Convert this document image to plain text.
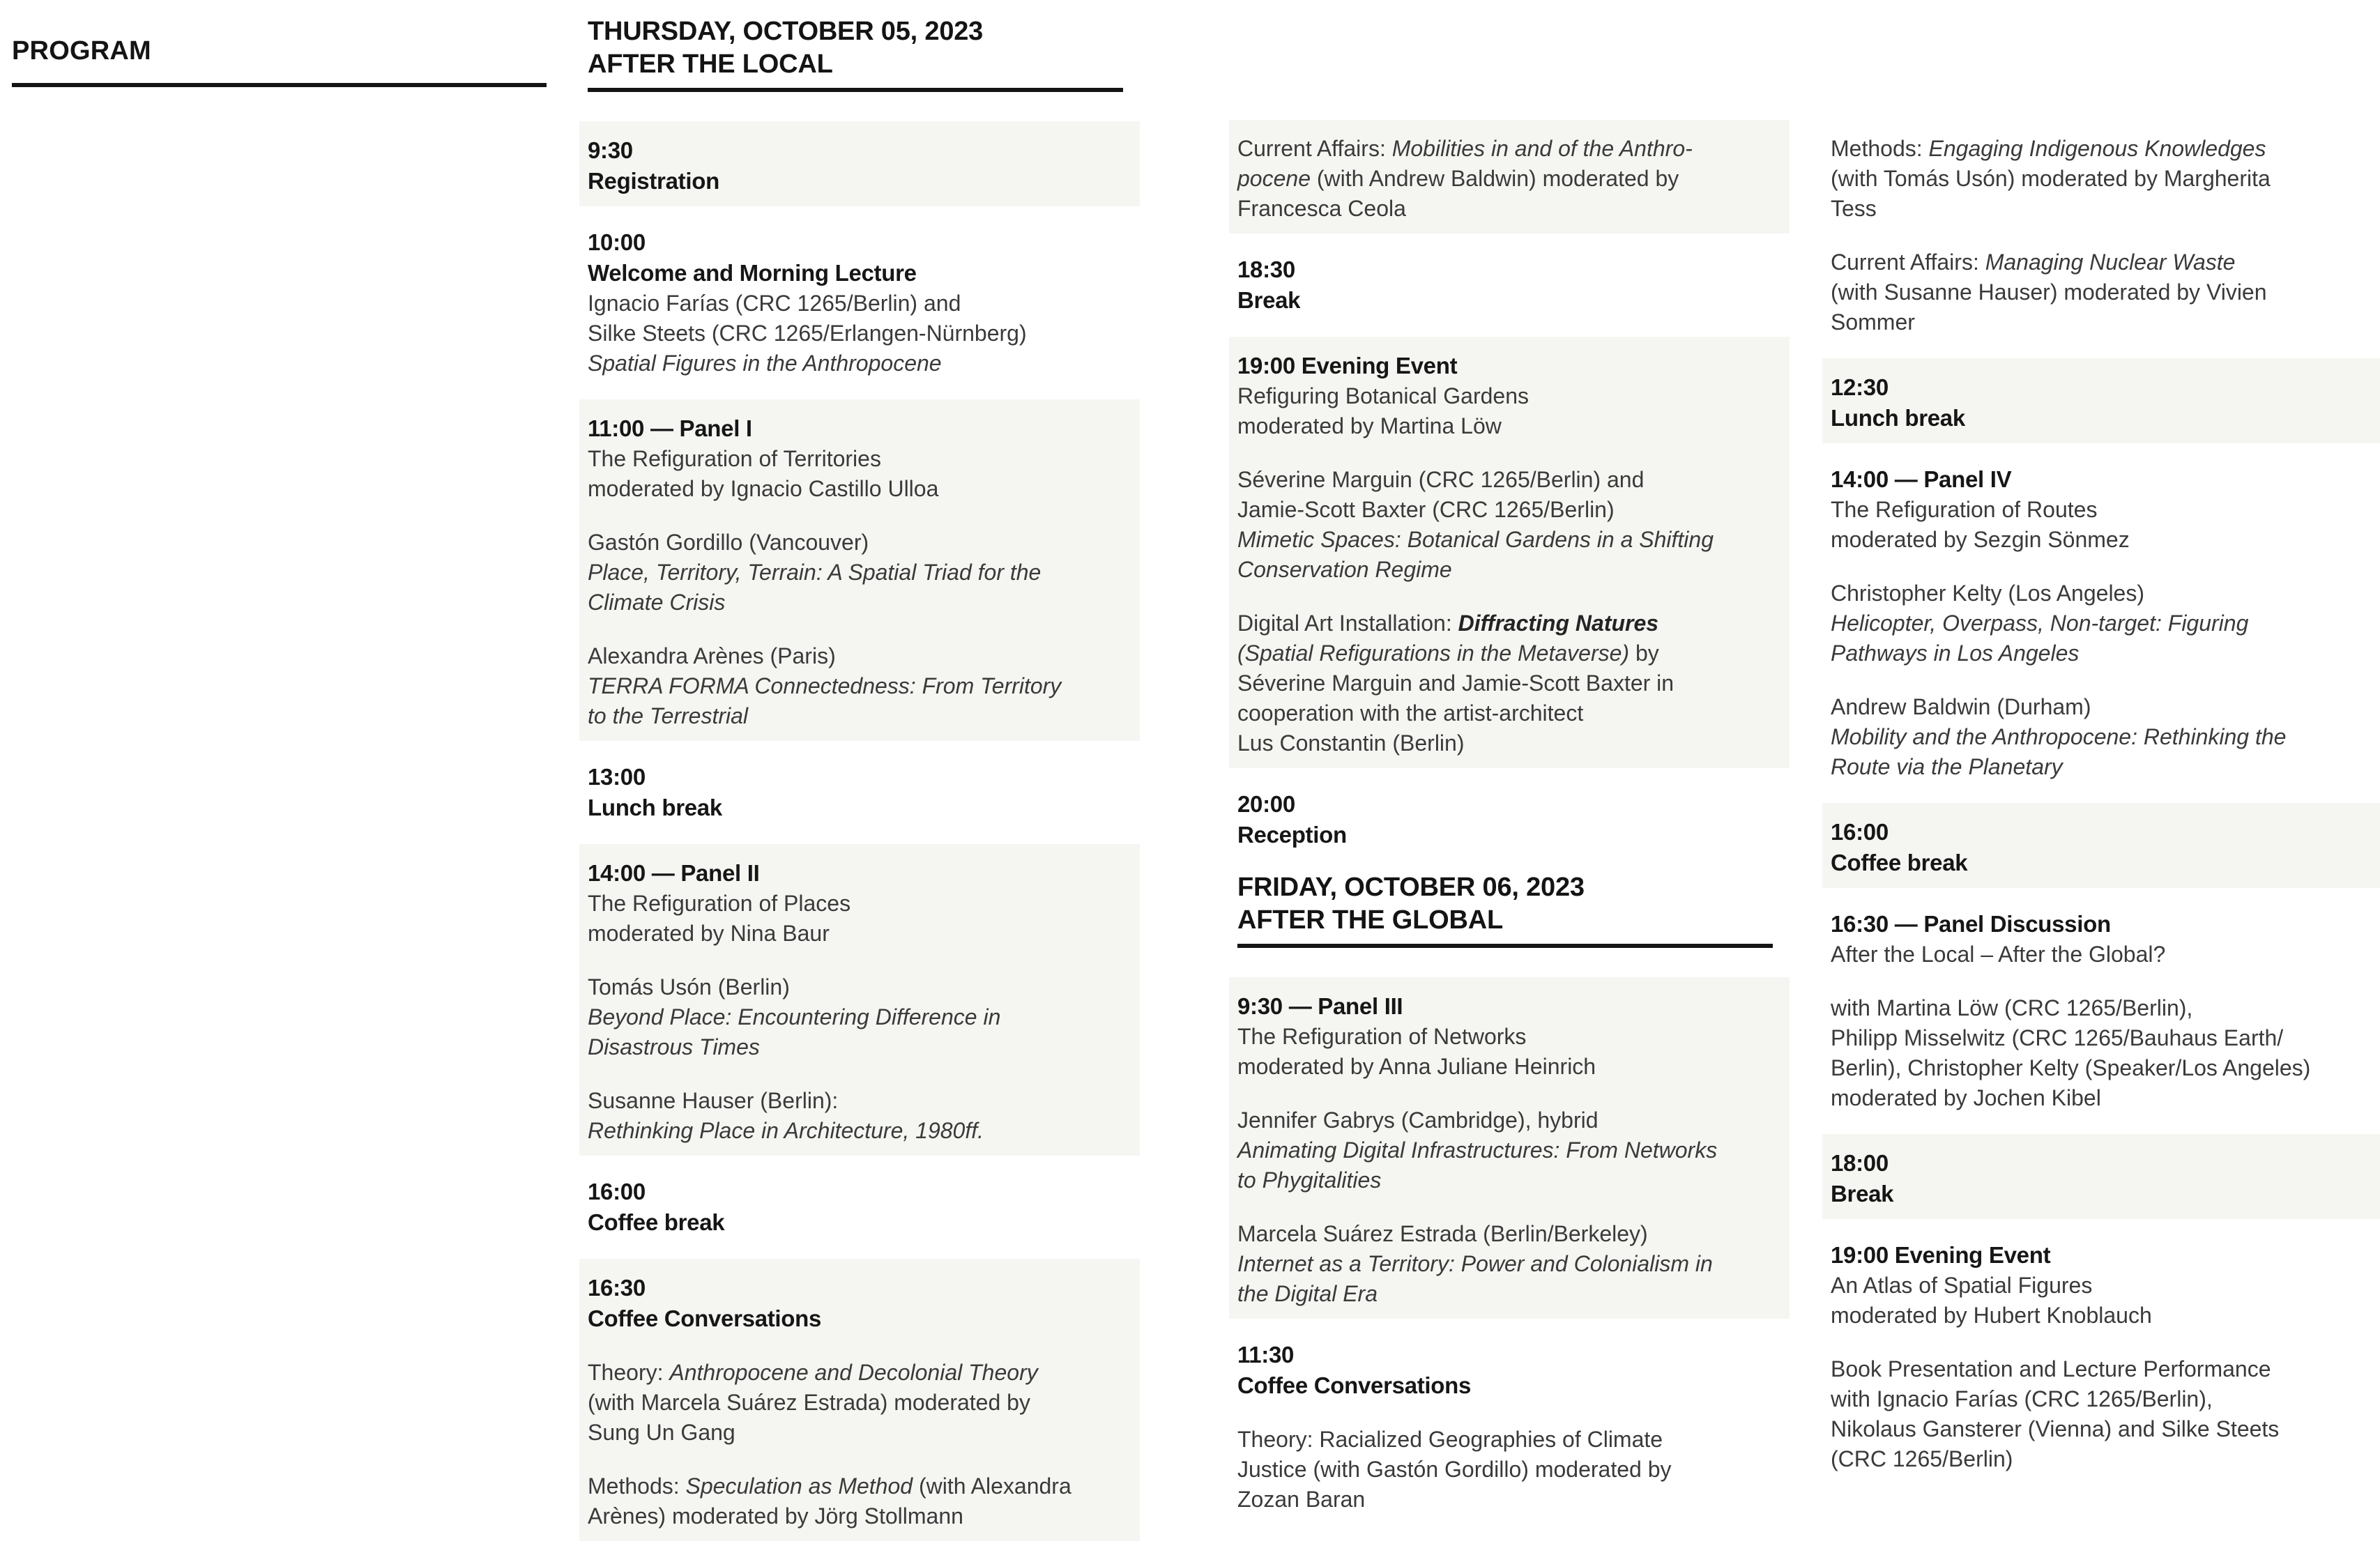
PROGRAM
THURSDAY, OCTOBER 05, 2023
AFTER THE LOCAL
9:30
Registration
10:00
Welcome and Morning Lecture
Ignacio Farías (CRC 1265/Berlin) and
Silke Steets (CRC 1265/Erlangen-Nürnberg)
Spatial Figures in the Anthropocene
11:00 — Panel I
The Refiguration of Territories
moderated by Ignacio Castillo Ulloa
Gastón Gordillo (Vancouver)
Place, Territory, Terrain: A Spatial Triad for the
Climate Crisis
Alexandra Arènes (Paris)
TERRA FORMA Connectedness: From Territory
to the Terrestrial
13:00
Lunch break
14:00 — Panel II
The Refiguration of Places
moderated by Nina Baur
Tomás Usón (Berlin)
Beyond Place: Encountering Difference in
Disastrous Times
Susanne Hauser (Berlin):
Rethinking Place in Architecture, 1980ff.
16:00
Coffee break
16:30
Coffee Conversations
Theory: Anthropocene and Decolonial Theory
(with Marcela Suárez Estrada) moderated by
Sung Un Gang
Methods: Speculation as Method (with Alexandra
Arènes) moderated by Jörg Stollmann
Current Affairs: Mobilities in and of the Anthro-
pocene (with Andrew Baldwin) moderated by
Francesca Ceola
18:30
Break
19:00 Evening Event
Refiguring Botanical Gardens
moderated by Martina Löw
Séverine Marguin (CRC 1265/Berlin) and
Jamie-Scott Baxter (CRC 1265/Berlin)
Mimetic Spaces: Botanical Gardens in a Shifting
Conservation Regime
Digital Art Installation: Diffracting Natures
(Spatial Refigurations in the Metaverse) by
Séverine Marguin and Jamie-Scott Baxter in
cooperation with the artist-architect
Lus Constantin (Berlin)
20:00
Reception
FRIDAY, OCTOBER 06, 2023
AFTER THE GLOBAL
9:30 — Panel III
The Refiguration of Networks
moderated by Anna Juliane Heinrich
Jennifer Gabrys (Cambridge), hybrid
Animating Digital Infrastructures: From Networks
to Phygitalities
Marcela Suárez Estrada (Berlin/Berkeley)
Internet as a Territory: Power and Colonialism in
the Digital Era
11:30
Coffee Conversations
Theory: Racialized Geographies of Climate
Justice (with Gastón Gordillo) moderated by
Zozan Baran
Methods: Engaging Indigenous Knowledges
(with Tomás Usón) moderated by Margherita
Tess
Current Affairs: Managing Nuclear Waste
(with Susanne Hauser) moderated by Vivien
Sommer
12:30
Lunch break
14:00 — Panel IV
The Refiguration of Routes
moderated by Sezgin Sönmez
Christopher Kelty (Los Angeles)
Helicopter, Overpass, Non-target: Figuring
Pathways in Los Angeles
Andrew Baldwin (Durham)
Mobility and the Anthropocene: Rethinking the
Route via the Planetary
16:00
Coffee break
16:30 — Panel Discussion
After the Local – After the Global?
with Martina Löw (CRC 1265/Berlin),
Philipp Misselwitz (CRC 1265/Bauhaus Earth/
Berlin), Christopher Kelty (Speaker/Los Angeles)
moderated by Jochen Kibel
18:00
Break
19:00 Evening Event
An Atlas of Spatial Figures
moderated by Hubert Knoblauch
Book Presentation and Lecture Performance
with Ignacio Farías (CRC 1265/Berlin),
Nikolaus Gansterer (Vienna) and Silke Steets
(CRC 1265/Berlin)
